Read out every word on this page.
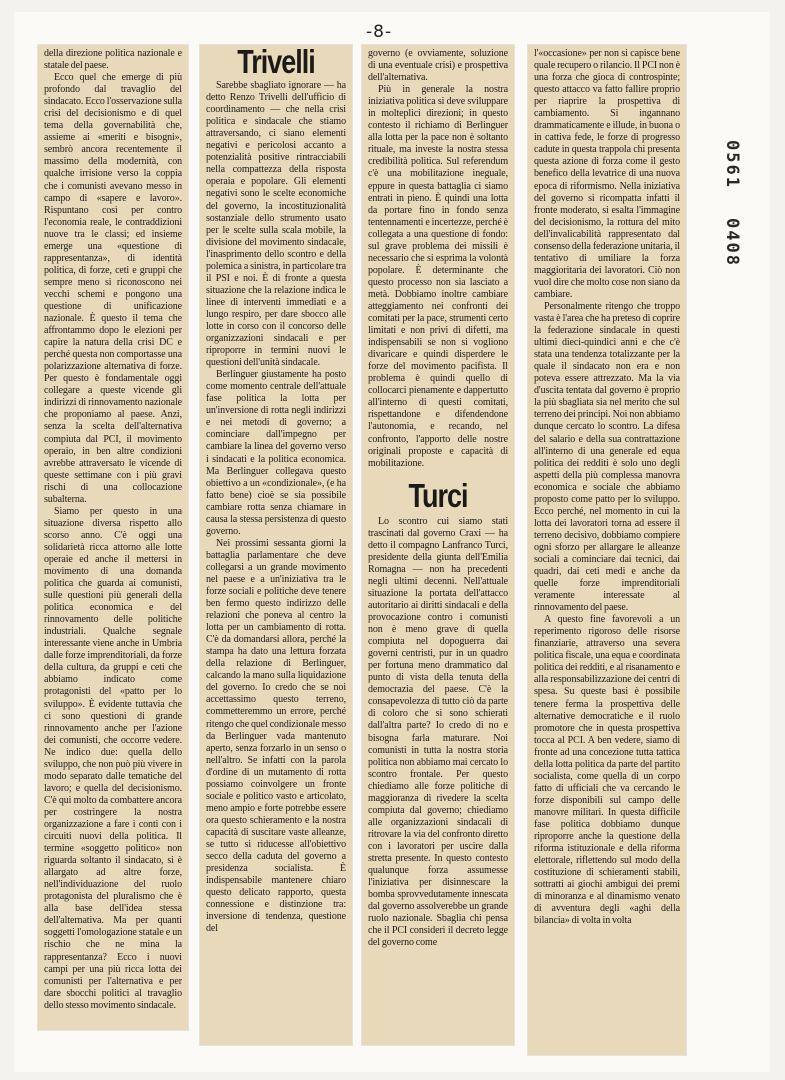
-8-
0561
0408

della direzione politica nazionale e statale del paese.

Ecco quel che emerge di più profondo dal travaglio del sindacato. Ecco l'osservazione sulla crisi del decisionismo e di quel tema della governabilità che, assieme ai «meriti e bisogni», sembrò ancora recentemente il massimo della modernità, con qualche irrisione verso la coppia che i comunisti avevano messo in campo di «sapere e lavoro». Rispuntano così per contro l'economia reale, le contraddizioni nuove tra le classi; ed insieme emerge una «questione di rappresentanza», di identità politica, di forze, ceti e gruppi che sempre meno si riconoscono nei vecchi schemi e pongono una questione di unificazione nazionale. È questo il tema che affrontammo dopo le elezioni per capire la natura della crisi DC e perché questa non comportasse una polarizzazione alternativa di forze. Per questo è fondamentale oggi collegare a queste vicende gli indirizzi di rinnovamento nazionale che proponiamo al paese. Anzi, senza la scelta dell'alternativa compiuta dal PCI, il movimento operaio, in ben altre condizioni avrebbe attraversato le vicende di queste settimane con i più gravi rischi di una collocazione subalterna.

Siamo per questo in una situazione diversa rispetto allo scorso anno. C'è oggi una solidarietà ricca attorno alle lotte operaie ed anche il mettersi in movimento di una domanda politica che guarda ai comunisti, sulle questioni più generali della politica economica e del rinnovamento delle politiche industriali. Qualche segnale interessante viene anche in Umbria dalle forze imprenditoriali, da forze della cultura, da gruppi e ceti che abbiamo indicato come protagonisti del «patto per lo sviluppo». È evidente tuttavia che ci sono questioni di grande rinnovamento anche per l'azione dei comunisti, che occorre vedere. Ne indico due: quella dello sviluppo, che non può più vivere in modo separato dalle tematiche del lavoro; e quella del decisionismo. C'è qui molto da combattere ancora per costringere la nostra organizzazione a fare i conti con i circuiti nuovi della politica. Il termine «soggetto politico» non riguarda soltanto il sindacato, si è allargato ad altre forze, nell'individuazione del ruolo protagonista del pluralismo che è alla base dell'idea stessa dell'alternativa. Ma per quanti soggetti l'omologazione statale e un rischio che ne mina la rappresentanza? Ecco i nuovi campi per una più ricca lotta dei comunisti per l'alternativa e per dare sbocchi politici al travaglio dello stesso movimento sindacale.

Trivelli

Sarebbe sbagliato ignorare — ha detto Renzo Trivelli dell'ufficio di coordinamento — che nella crisi politica e sindacale che stiamo attraversando, ci siano elementi negativi e pericolosi accanto a potenzialità positive rintracciabili nella compattezza della risposta operaia e popolare. Gli elementi negativi sono le scelte economiche del governo, la incostituzionalità sostanziale dello strumento usato per le scelte sulla scala mobile, la divisione del movimento sindacale, l'inasprimento dello scontro e della polemica a sinistra, in particolare tra il PSI e noi. È di fronte a questa situazione che la relazione indica le linee di interventi immediati e a lungo respiro, per dare sbocco alle lotte in corso con il concorso delle organizzazioni sindacali e per riproporre in termini nuovi le questioni dell'unità sindacale.

Berlinguer giustamente ha posto come momento centrale dell'attuale fase politica la lotta per un'inversione di rotta negli indirizzi e nei metodi di governo; a cominciare dall'impegno per cambiare la linea del governo verso i sindacati e la politica economica. Ma Berlinguer collegava questo obiettivo a un «condizionale», (e ha fatto bene) cioè se sia possibile cambiare rotta senza chiamare in causa la stessa persistenza di questo governo.

Nei prossimi sessanta giorni la battaglia parlamentare che deve collegarsi a un grande movimento nel paese e a un'iniziativa tra le forze sociali e politiche deve tenere ben fermo questo indirizzo delle relazioni che poneva al centro la lotta per un cambiamento di rotta. C'è da domandarsi allora, perché la stampa ha dato una lettura forzata della relazione di Berlinguer, calcando la mano sulla liquidazione del governo. Io credo che se noi accettassimo questo terreno, commetteremmo un errore, perché ritengo che quel condizionale messo da Berlinguer vada mantenuto aperto, senza forzarlo in un senso o nell'altro. Se infatti con la parola d'ordine di un mutamento di rotta possiamo coinvolgere un fronte sociale e politico vasto e articolato, meno ampio e forte potrebbe essere ora questo schieramento e la nostra capacità di suscitare vaste alleanze, se tutto si riducesse all'obiettivo secco della caduta del governo a presidenza socialista. È indispensabile mantenere chiaro questo delicato rapporto, questa connessione e distinzione tra: inversione di tendenza, questione del

governo (e ovviamente, soluzione di una eventuale crisi) e prospettiva dell'alternativa.

Più in generale la nostra iniziativa politica si deve sviluppare in molteplici direzioni; in questo contesto il richiamo di Berlinguer alla lotta per la pace non è soltanto rituale, ma investe la nostra stessa credibilità politica. Sul referendum c'è una mobilitazione ineguale, eppure in questa battaglia ci siamo entrati in pieno. È quindi una lotta da portare fino in fondo senza tentennamenti e incertezze, perché è collegata a una questione di fondo: sul grave problema dei missili è necessario che si esprima la volontà popolare. È determinante che questo processo non sia lasciato a metà. Dobbiamo inoltre cambiare atteggiamento nei confronti dei comitati per la pace, strumenti certo limitati e non privi di difetti, ma indispensabili se non si vogliono divaricare e quindi disperdere le forze del movimento pacifista. Il problema è quindi quello di collocarci pienamente e dappertutto all'interno di questi comitati, rispettandone e difendendone l'autonomia, e recando, nel confronto, l'apporto delle nostre originali proposte e capacità di mobilitazione.

Turci

Lo scontro cui siamo stati trascinati dal governo Craxi — ha detto il compagno Lanfranco Turci, presidente della giunta dell'Emilia Romagna — non ha precedenti negli ultimi decenni. Nell'attuale situazione la portata dell'attacco autoritario ai diritti sindacali e della provocazione contro i comunisti non è meno grave di quella compiuta nel dopoguerra dai governi centristi, pur in un quadro per fortuna meno drammatico dal punto di vista della tenuta della democrazia del paese. C'è la consapevolezza di tutto ciò da parte di coloro che si sono schierati dall'altra parte? Io credo di no e bisogna farla maturare. Noi comunisti in tutta la nostra storia politica non abbiamo mai cercato lo scontro frontale. Per questo chiediamo alle forze politiche di maggioranza di rivedere la scelta compiuta dal governo; chiediamo alle organizzazioni sindacali di ritrovare la via del confronto diretto con i lavoratori per uscire dalla stretta presente. In questo contesto qualunque forza assumesse l'iniziativa per disinnescare la bomba sprovvedutamente innescata dal governo assolverebbe un grande ruolo nazionale. Sbaglia chi pensa che il PCI consideri il decreto legge del governo come

l'«occasione» per non si capisce bene quale recupero o rilancio. Il PCI non è una forza che gioca di controspinte; questo attacco va fatto fallire proprio per riaprire la prospettiva di cambiamento. Si ingannano drammaticamente e illude, in buona o in cattiva fede, le forze di progresso cadute in questa trappola chi presenta questa azione di forza come il gesto benefico della levatrice di una nuova epoca di riformismo. Nella iniziativa del governo si ricompatta infatti il fronte moderato, si esalta l'immagine del decisionismo, la rottura del mito dell'invalicabilità rappresentato dal consenso della federazione unitaria, il tentativo di umiliare la forza maggioritaria dei lavoratori. Ciò non vuol dire che molto cose non siano da cambiare.

Personalmente ritengo che troppo vasta è l'area che ha preteso di coprire la federazione sindacale in questi ultimi dieci-quindici anni e che c'è stata una tendenza totalizzante per la quale il sindacato non era e non poteva essere attrezzato. Ma la via d'uscita tentata dal governo è proprio la più sbagliata sia nel merito che sul terreno dei principi. Noi non abbiamo dunque cercato lo scontro. La difesa del salario e della sua contrattazione all'interno di una generale ed equa politica dei redditi è solo uno degli aspetti della più complessa manovra economica e sociale che abbiamo proposto come patto per lo sviluppo. Ecco perché, nel momento in cui la lotta dei lavoratori torna ad essere il terreno decisivo, dobbiamo compiere ogni sforzo per allargare le alleanze sociali a cominciare dai tecnici, dai quadri, dai ceti medi e anche da quelle forze imprenditoriali veramente interessate al rinnovamento del paese.

A questo fine favorevoli a un reperimento rigoroso delle risorse finanziarie, attraverso una severa politica fiscale, una equa e coordinata politica dei redditi, e al risanamento e alla responsabilizzazione dei centri di spesa. Su queste basi è possibile tenere ferma la prospettiva delle alternative democratiche e il ruolo promotore che in questa prospettiva tocca al PCI. A ben vedere, siamo di fronte ad una concezione tutta tattica della lotta politica da parte del partito socialista, come quella di un corpo fatto di ufficiali che va cercando le forze disponibili sul campo delle manovre militari. In questa difficile fase politica dobbiamo dunque riproporre anche la questione della riforma istituzionale e della riforma elettorale, riflettendo sul modo della costituzione di schieramenti stabili, sottratti ai giochi ambigui dei premi di minoranza e al dinamismo venato di avventura degli «aghi della bilancia» di volta in volta
